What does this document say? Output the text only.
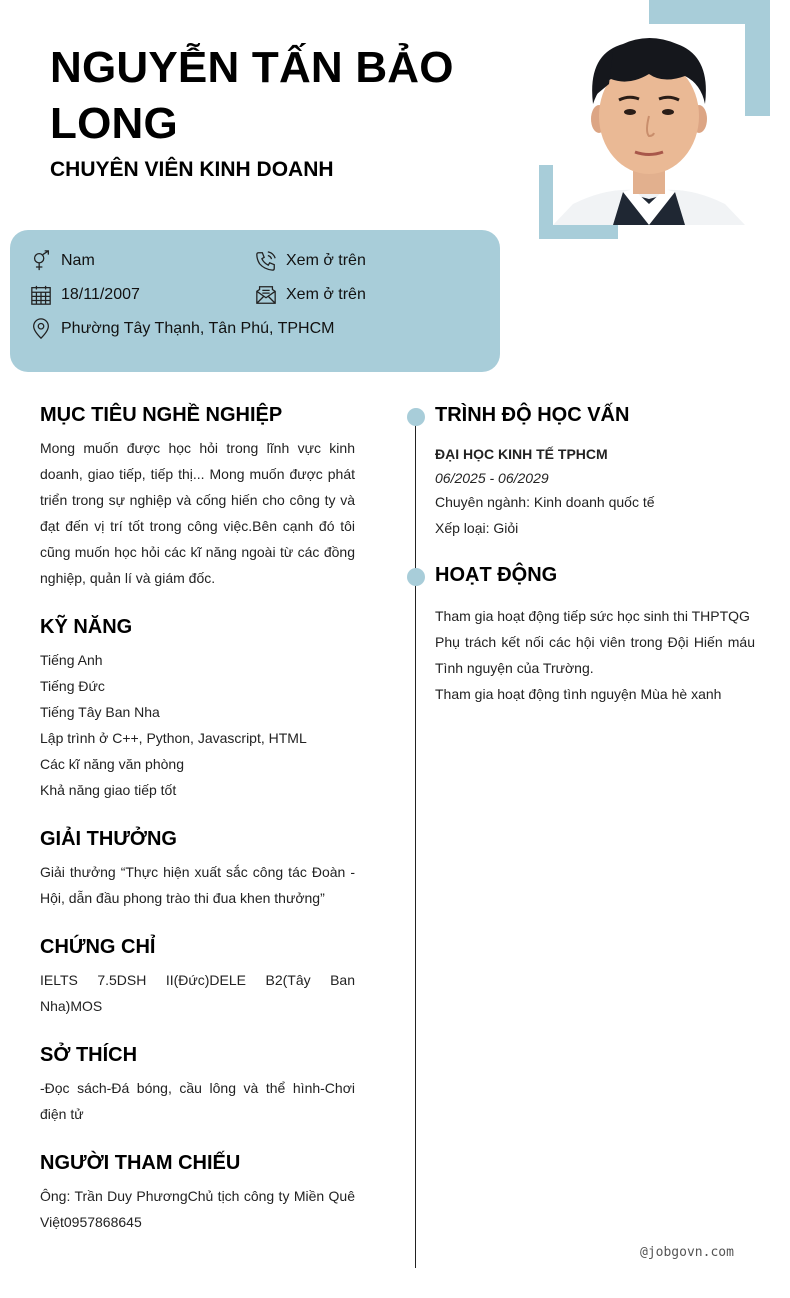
NGUYỄN TẤN BẢO LONG
CHUYÊN VIÊN KINH DOANH
Nam	Xem ở trên
18/11/2007	Xem ở trên
Phường Tây Thạnh, Tân Phú, TPHCM
MỤC TIÊU NGHỀ NGHIỆP
Mong muốn được học hỏi trong lĩnh vực kinh doanh, giao tiếp, tiếp thị... Mong muốn được phát triển trong sự nghiệp và cống hiến cho công ty và đạt đến vị trí tốt trong công việc.Bên cạnh đó tôi cũng muốn học hỏi các kĩ năng ngoài từ các đồng nghiệp, quản lí và giám đốc.
KỸ NĂNG
Tiếng Anh
Tiếng Đức
Tiếng Tây Ban Nha
Lập trình ở C++, Python, Javascript, HTML
Các kĩ năng văn phòng
Khả năng giao tiếp tốt
GIẢI THƯỞNG
Giải thưởng “Thực hiện xuất sắc công tác Đoàn - Hội, dẫn đầu phong trào thi đua khen thưởng”
CHỨNG CHỈ
IELTS 7.5DSH II(Đức)DELE B2(Tây Ban Nha)MOS
SỞ THÍCH
-Đọc sách-Đá bóng, cầu lông và thể hình-Chơi điện tử
NGƯỜI THAM CHIẾU
Ông: Trần Duy PhươngChủ tịch công ty Miền Quê Việt0957868645
TRÌNH ĐỘ HỌC VẤN
ĐẠI HỌC KINH TẾ TPHCM
06/2025 - 06/2029
Chuyên ngành: Kinh doanh quốc tế
Xếp loại: Giỏi
HOẠT ĐỘNG
Tham gia hoạt động tiếp sức học sinh thi THPTQG
Phụ trách kết nối các hội viên trong Đội Hiến máu Tình nguyện của Trường.
Tham gia hoạt động tình nguyện Mùa hè xanh
@jobgovn.com
